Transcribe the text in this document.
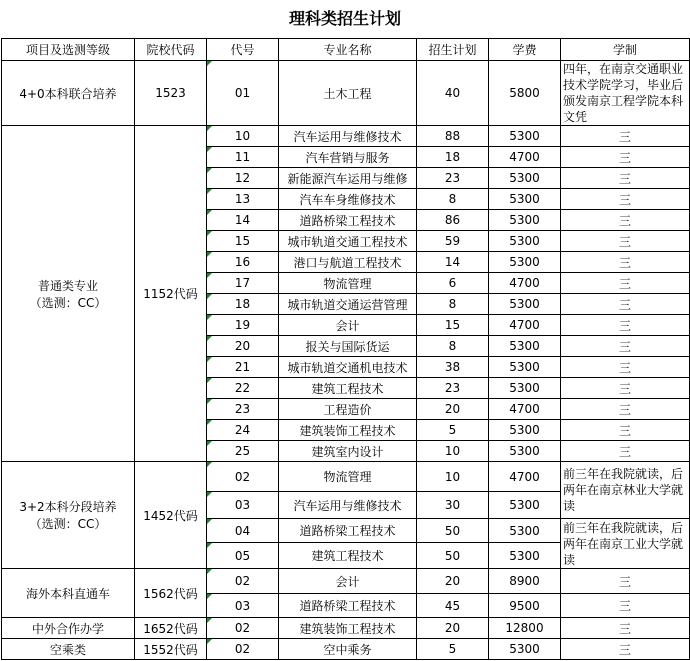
理科类招生计划
项目及选测等级	院校代码	代号	专业名称	招生计划	学费	学制

4+0本科联合培养	1523	01	土木工程	40	5800	四年，在南京交通职业技术学院学习，毕业后颁发南京工程学院本科文凭

普通类专业
（选测：CC）	1152代码	10	汽车运用与维修技术	88	5300	三
		11	汽车营销与服务	18	4700	三
		12	新能源汽车运用与维修	23	5300	三
		13	汽车车身维修技术	8	5300	三
		14	道路桥梁工程技术	86	5300	三
		15	城市轨道交通工程技术	59	5300	三
		16	港口与航道工程技术	14	5300	三
		17	物流管理	6	4700	三
		18	城市轨道交通运营管理	8	5300	三
		19	会计	15	4700	三
		20	报关与国际货运	8	5300	三
		21	城市轨道交通机电技术	38	5300	三
		22	建筑工程技术	23	5300	三
		23	工程造价	20	4700	三
		24	建筑装饰工程技术	5	5300	三
		25	建筑室内设计	10	5300	三

3+2本科分段培养
（选测：CC）	1452代码	02	物流管理	10	4700	前三年在我院就读，后两年在南京林业大学就读
		03	汽车运用与维修技术	30	5300	
		04	道路桥梁工程技术	50	5300	前三年在我院就读，后两年在南京工业大学就读
		05	建筑工程技术	50	5300	

海外本科直通车	1562代码	02	会计	20	8900	三
		03	道路桥梁工程技术	45	9500	三

中外合作办学	1652代码	02	建筑装饰工程技术	20	12800	三

空乘类	1552代码	02	空中乘务	5	5300	三
